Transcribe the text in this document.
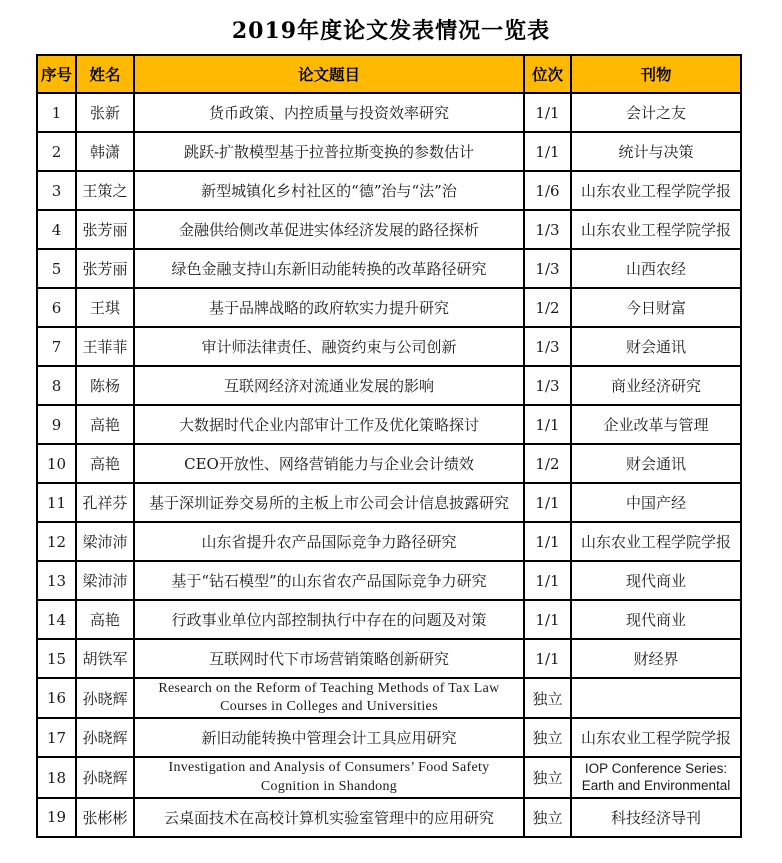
2019年度论文发表情况一览表
序号	姓名	论文题目	位次	刊物
1	张新	货币政策、内控质量与投资效率研究	1/1	会计之友
2	韩潇	跳跃-扩散模型基于拉普拉斯变换的参数估计	1/1	统计与决策
3	王策之	新型城镇化乡村社区的“德”治与“法”治	1/6	山东农业工程学院学报
4	张芳丽	金融供给侧改革促进实体经济发展的路径探析	1/3	山东农业工程学院学报
5	张芳丽	绿色金融支持山东新旧动能转换的改革路径研究	1/3	山西农经
6	王琪	基于品牌战略的政府软实力提升研究	1/2	今日财富
7	王菲菲	审计师法律责任、融资约束与公司创新	1/3	财会通讯
8	陈杨	互联网经济对流通业发展的影响	1/3	商业经济研究
9	高艳	大数据时代企业内部审计工作及优化策略探讨	1/1	企业改革与管理
10	高艳	CEO开放性、网络营销能力与企业会计绩效	1/2	财会通讯
11	孔祥芬	基于深圳证券交易所的主板上市公司会计信息披露研究	1/1	中国产经
12	梁沛沛	山东省提升农产品国际竞争力路径研究	1/1	山东农业工程学院学报
13	梁沛沛	基于“钻石模型”的山东省农产品国际竞争力研究	1/1	现代商业
14	高艳	行政事业单位内部控制执行中存在的问题及对策	1/1	现代商业
15	胡铁军	互联网时代下市场营销策略创新研究	1/1	财经界
16	孙晓辉	Research on the Reform of Teaching Methods of Tax Law Courses in Colleges and Universities	独立	
17	孙晓辉	新旧动能转换中管理会计工具应用研究	独立	山东农业工程学院学报
18	孙晓辉	Investigation and Analysis of Consumers’ Food Safety Cognition in Shandong	独立	IOP Conference Series: Earth and Environmental
19	张彬彬	云桌面技术在高校计算机实验室管理中的应用研究	独立	科技经济导刊
